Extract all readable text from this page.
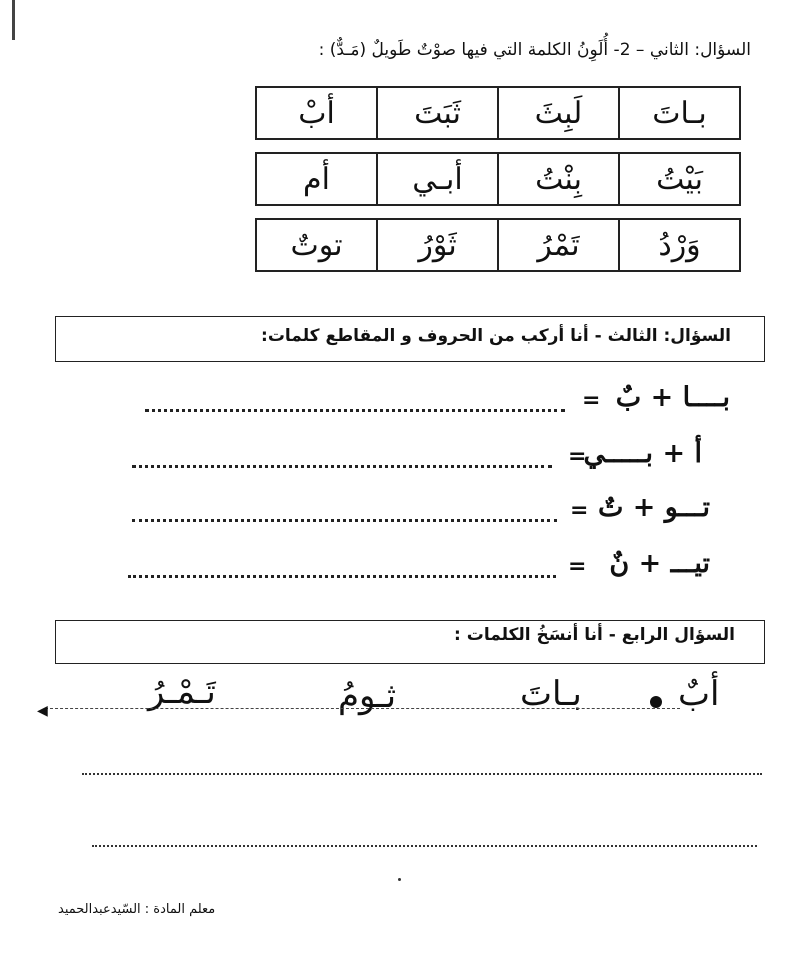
السؤال: الثاني – 2- أُلَوِنُ الكلمة التي فيها صوْتٌ طَويلٌ (مَـدٌّ) :
بـاتَ
لَبِثَ
ثَبَتَ
أبْ
بَيْتُ
بِنْتُ
أبـي
أم
وَرْدُ
تَمْرُ
ثَوْرُ
توتٌ
السؤال: الثالث - أنا أركب من الحروف و المقاطع كلمات:
بــــا + بٌ
=
أ + بـــــي
=
تـــو + تٌ
=
تيـــ + نٌ
=
السؤال الرابع - أنا أنسَخُ الكلمات :
أبٌ
بـاتَ
ثـومُ
تَـمْـرُ
◀
معلم المادة : السّيدعبدالحميد
